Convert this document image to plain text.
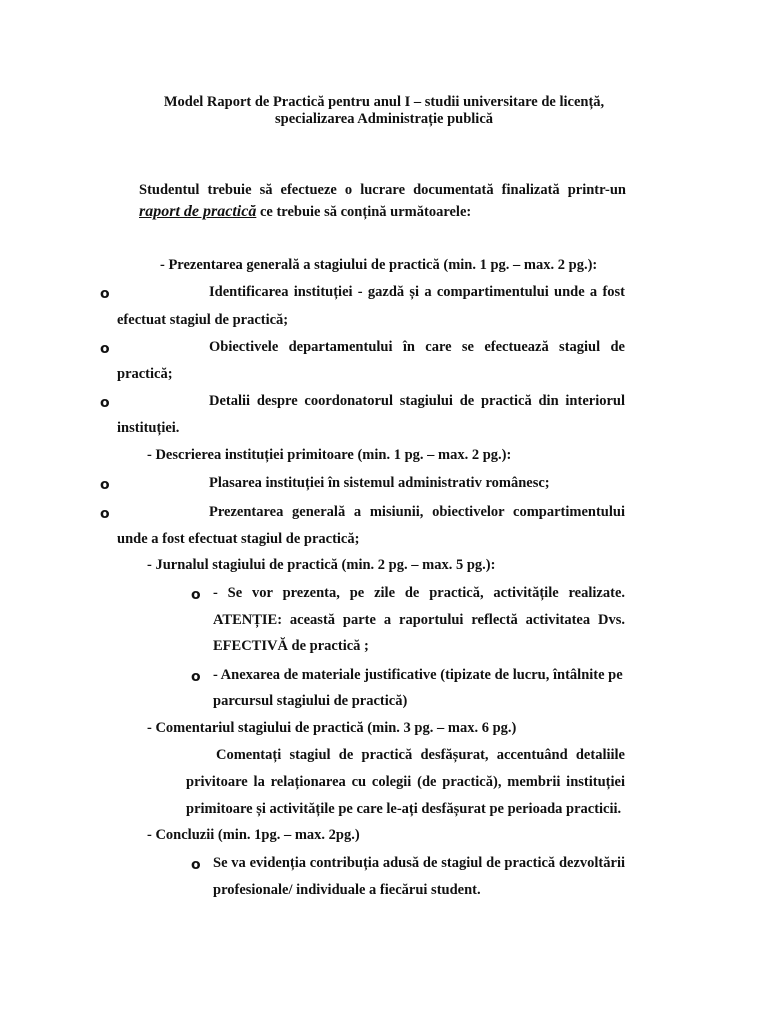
Model Raport de Practică pentru anul I – studii universitare de licență,
specializarea Administrație publică
Studentul trebuie să efectueze o lucrare documentată finalizată printr-un
raport de practică ce trebuie să conțină următoarele:
- Prezentarea generală a stagiului de practică (min. 1 pg. – max. 2 pg.):
o	Identificarea instituției - gazdă și a compartimentului unde a fost
efectuat stagiul de practică;
o	Obiectivele departamentului în care se efectuează stagiul de
practică;
o	Detalii despre coordonatorul stagiului de practică din interiorul
instituției.
- Descrierea instituției primitoare (min. 1 pg. – max. 2 pg.):
o	Plasarea instituției în sistemul administrativ românesc;
o	Prezentarea generală a misiunii, obiectivelor compartimentului
unde a fost efectuat stagiul de practică;
- Jurnalul stagiului de practică (min. 2 pg. – max. 5 pg.):
o - Se vor prezenta, pe zile de practică, activitățile realizate.
ATENȚIE: această parte a raportului reflectă activitatea Dvs.
EFECTIVĂ de practică ;
o - Anexarea de materiale justificative (tipizate de lucru, întâlnite pe
parcursul stagiului de practică)
- Comentariul stagiului de practică (min. 3 pg. – max. 6 pg.)
Comentați stagiul de practică desfășurat, accentuând detaliile
privitoare la relaționarea cu colegii (de practică), membrii instituției
primitoare și activitățile pe care le-ați desfășurat pe perioada practicii.
- Concluzii (min. 1pg. – max. 2pg.)
o Se va evidenția contribuția adusă de stagiul de practică dezvoltării
profesionale/ individuale a fiecărui student.
